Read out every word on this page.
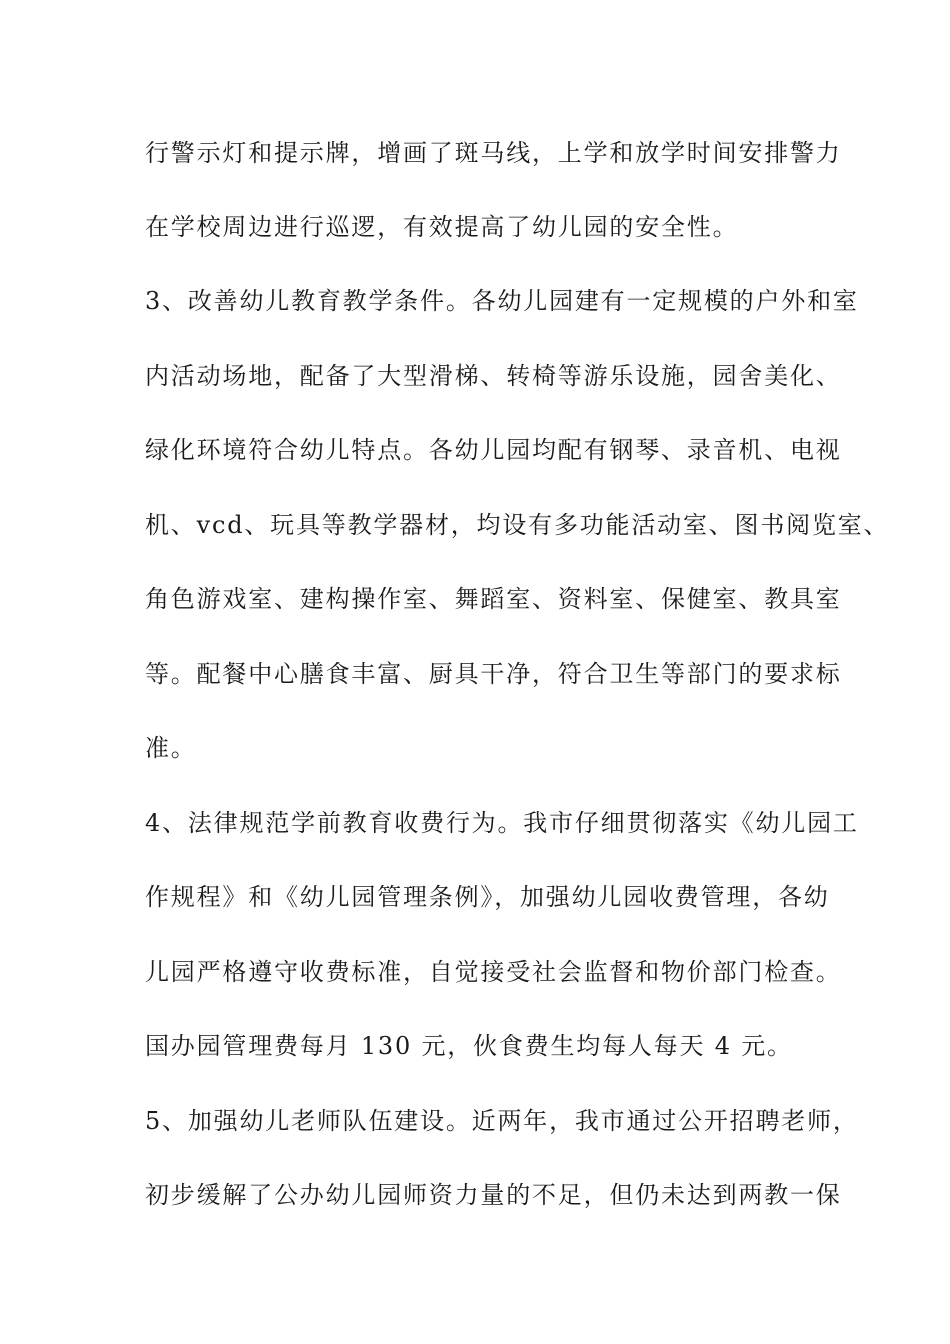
行警示灯和提示牌，增画了斑马线，上学和放学时间安排警力
在学校周边进行巡逻，有效提高了幼儿园的安全性。
3、改善幼儿教育教学条件。各幼儿园建有一定规模的户外和室
内活动场地，配备了大型滑梯、转椅等游乐设施，园舍美化、
绿化环境符合幼儿特点。各幼儿园均配有钢琴、录音机、电视
机、vcd、玩具等教学器材，均设有多功能活动室、图书阅览室、
角色游戏室、建构操作室、舞蹈室、资料室、保健室、教具室
等。配餐中心膳食丰富、厨具干净，符合卫生等部门的要求标
准。
4、法律规范学前教育收费行为。我市仔细贯彻落实《幼儿园工
作规程》和《幼儿园管理条例》，加强幼儿园收费管理，各幼
儿园严格遵守收费标准，自觉接受社会监督和物价部门检查。
国办园管理费每月 130 元，伙食费生均每人每天 4 元。
5、加强幼儿老师队伍建设。近两年，我市通过公开招聘老师，
初步缓解了公办幼儿园师资力量的不足，但仍未达到两教一保
